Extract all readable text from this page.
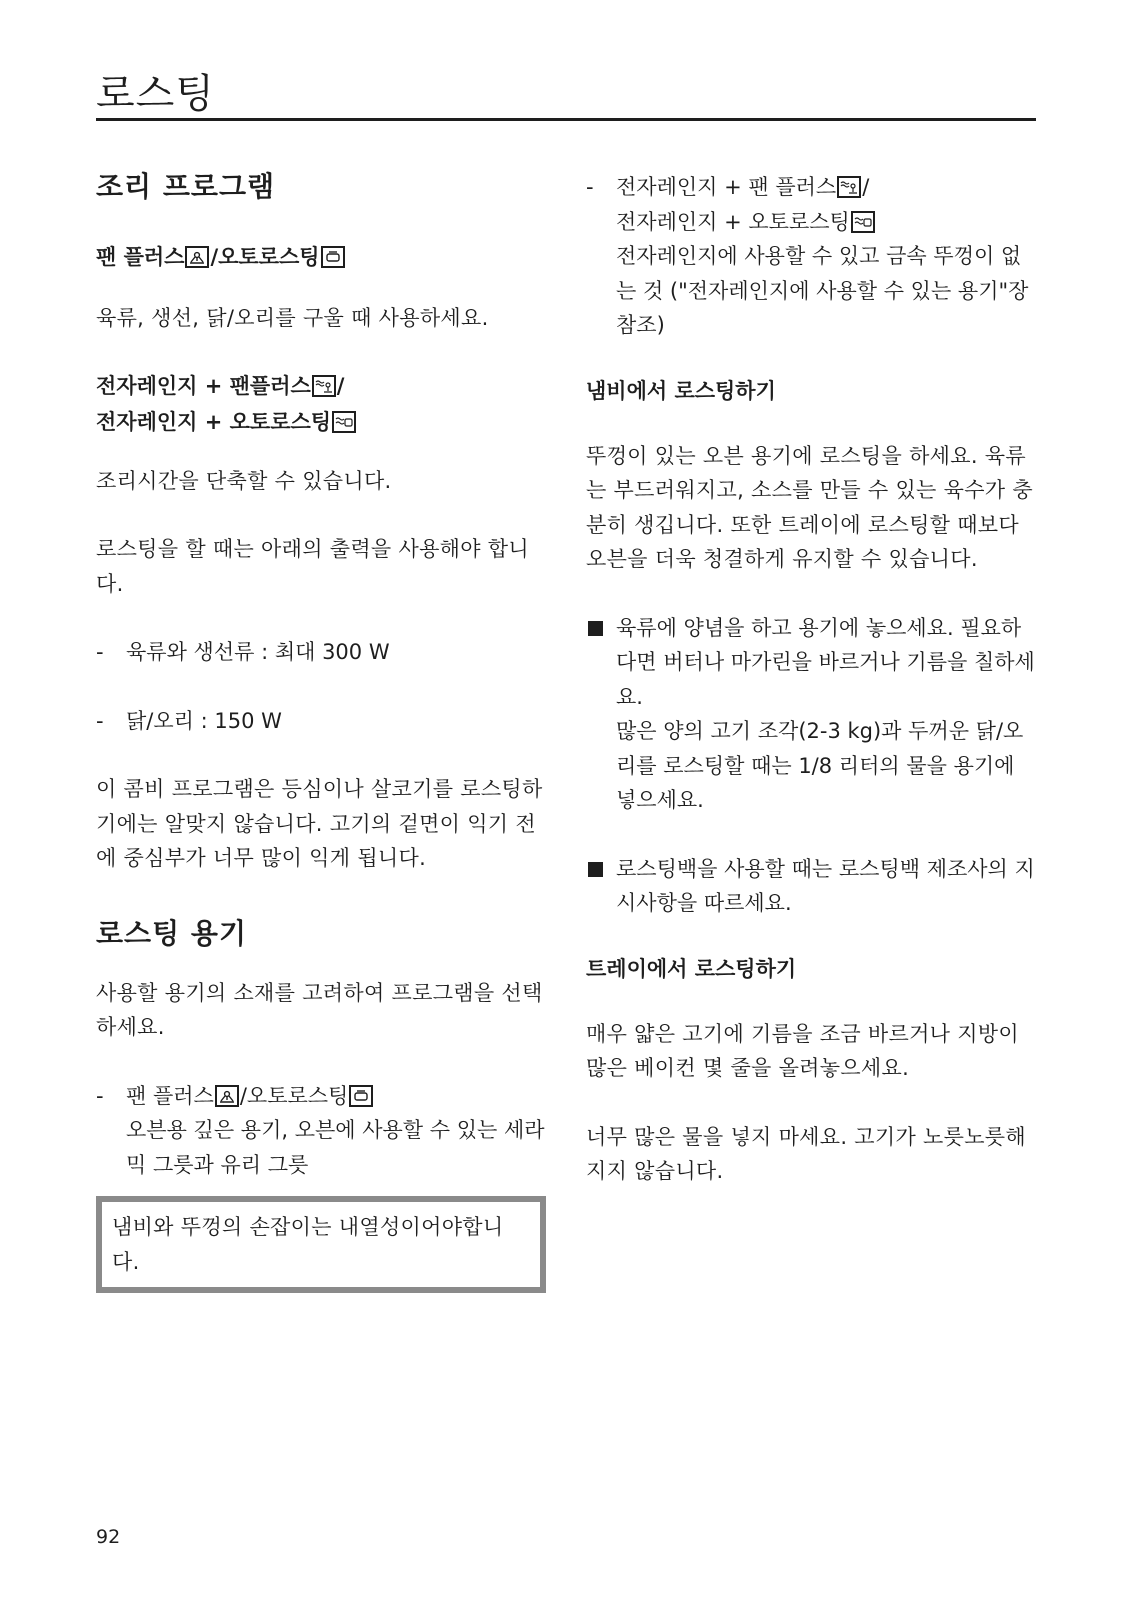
로스팅
조리 프로그램
팬 플러스 /오토로스팅

육류, 생선, 닭/오리를 구울 때 사용하세요.

전자레인지 + 팬플러스 /
전자레인지 + 오토로스팅

조리시간을 단축할 수 있습니다.

로스팅을 할 때는 아래의 출력을 사용해야 합니다.

-	육류와 생선류 : 최대 300 W
-	닭/오리 : 150 W

이 콤비 프로그램은 등심이나 살코기를 로스팅하기에는 알맞지 않습니다. 고기의 겉면이 익기 전에 중심부가 너무 많이 익게 됩니다.

로스팅 용기

사용할 용기의 소재를 고려하여 프로그램을 선택하세요.

-	팬 플러스 /오토로스팅
오븐용 깊은 용기, 오븐에 사용할 수 있는 세라믹 그릇과 유리 그릇
냄비와 뚜껑의 손잡이는 내열성이어야합니다.
-	전자레인지 + 팬 플러스 /
전자레인지 + 오토로스팅
전자레인지에 사용할 수 있고 금속 뚜껑이 없는 것 ("전자레인지에 사용할 수 있는 용기"장 참조)
냄비에서 로스팅하기

뚜껑이 있는 오븐 용기에 로스팅을 하세요. 육류는 부드러워지고, 소스를 만들 수 있는 육수가 충분히 생깁니다. 또한 트레이에 로스팅할 때보다 오븐을 더욱 청결하게 유지할 수 있습니다.

육류에 양념을 하고 용기에 놓으세요. 필요하다면 버터나 마가린을 바르거나 기름을 칠하세요.
많은 양의 고기 조각(2-3 kg)과 두꺼운 닭/오리를 로스팅할 때는 1/8 리터의 물을 용기에 넣으세요.
로스팅백을 사용할 때는 로스팅백 제조사의 지시사항을 따르세요.
트레이에서 로스팅하기

매우 얇은 고기에 기름을 조금 바르거나 지방이 많은 베이컨 몇 줄을 올려놓으세요.

너무 많은 물을 넣지 마세요. 고기가 노릇노릇해지지 않습니다.

92
